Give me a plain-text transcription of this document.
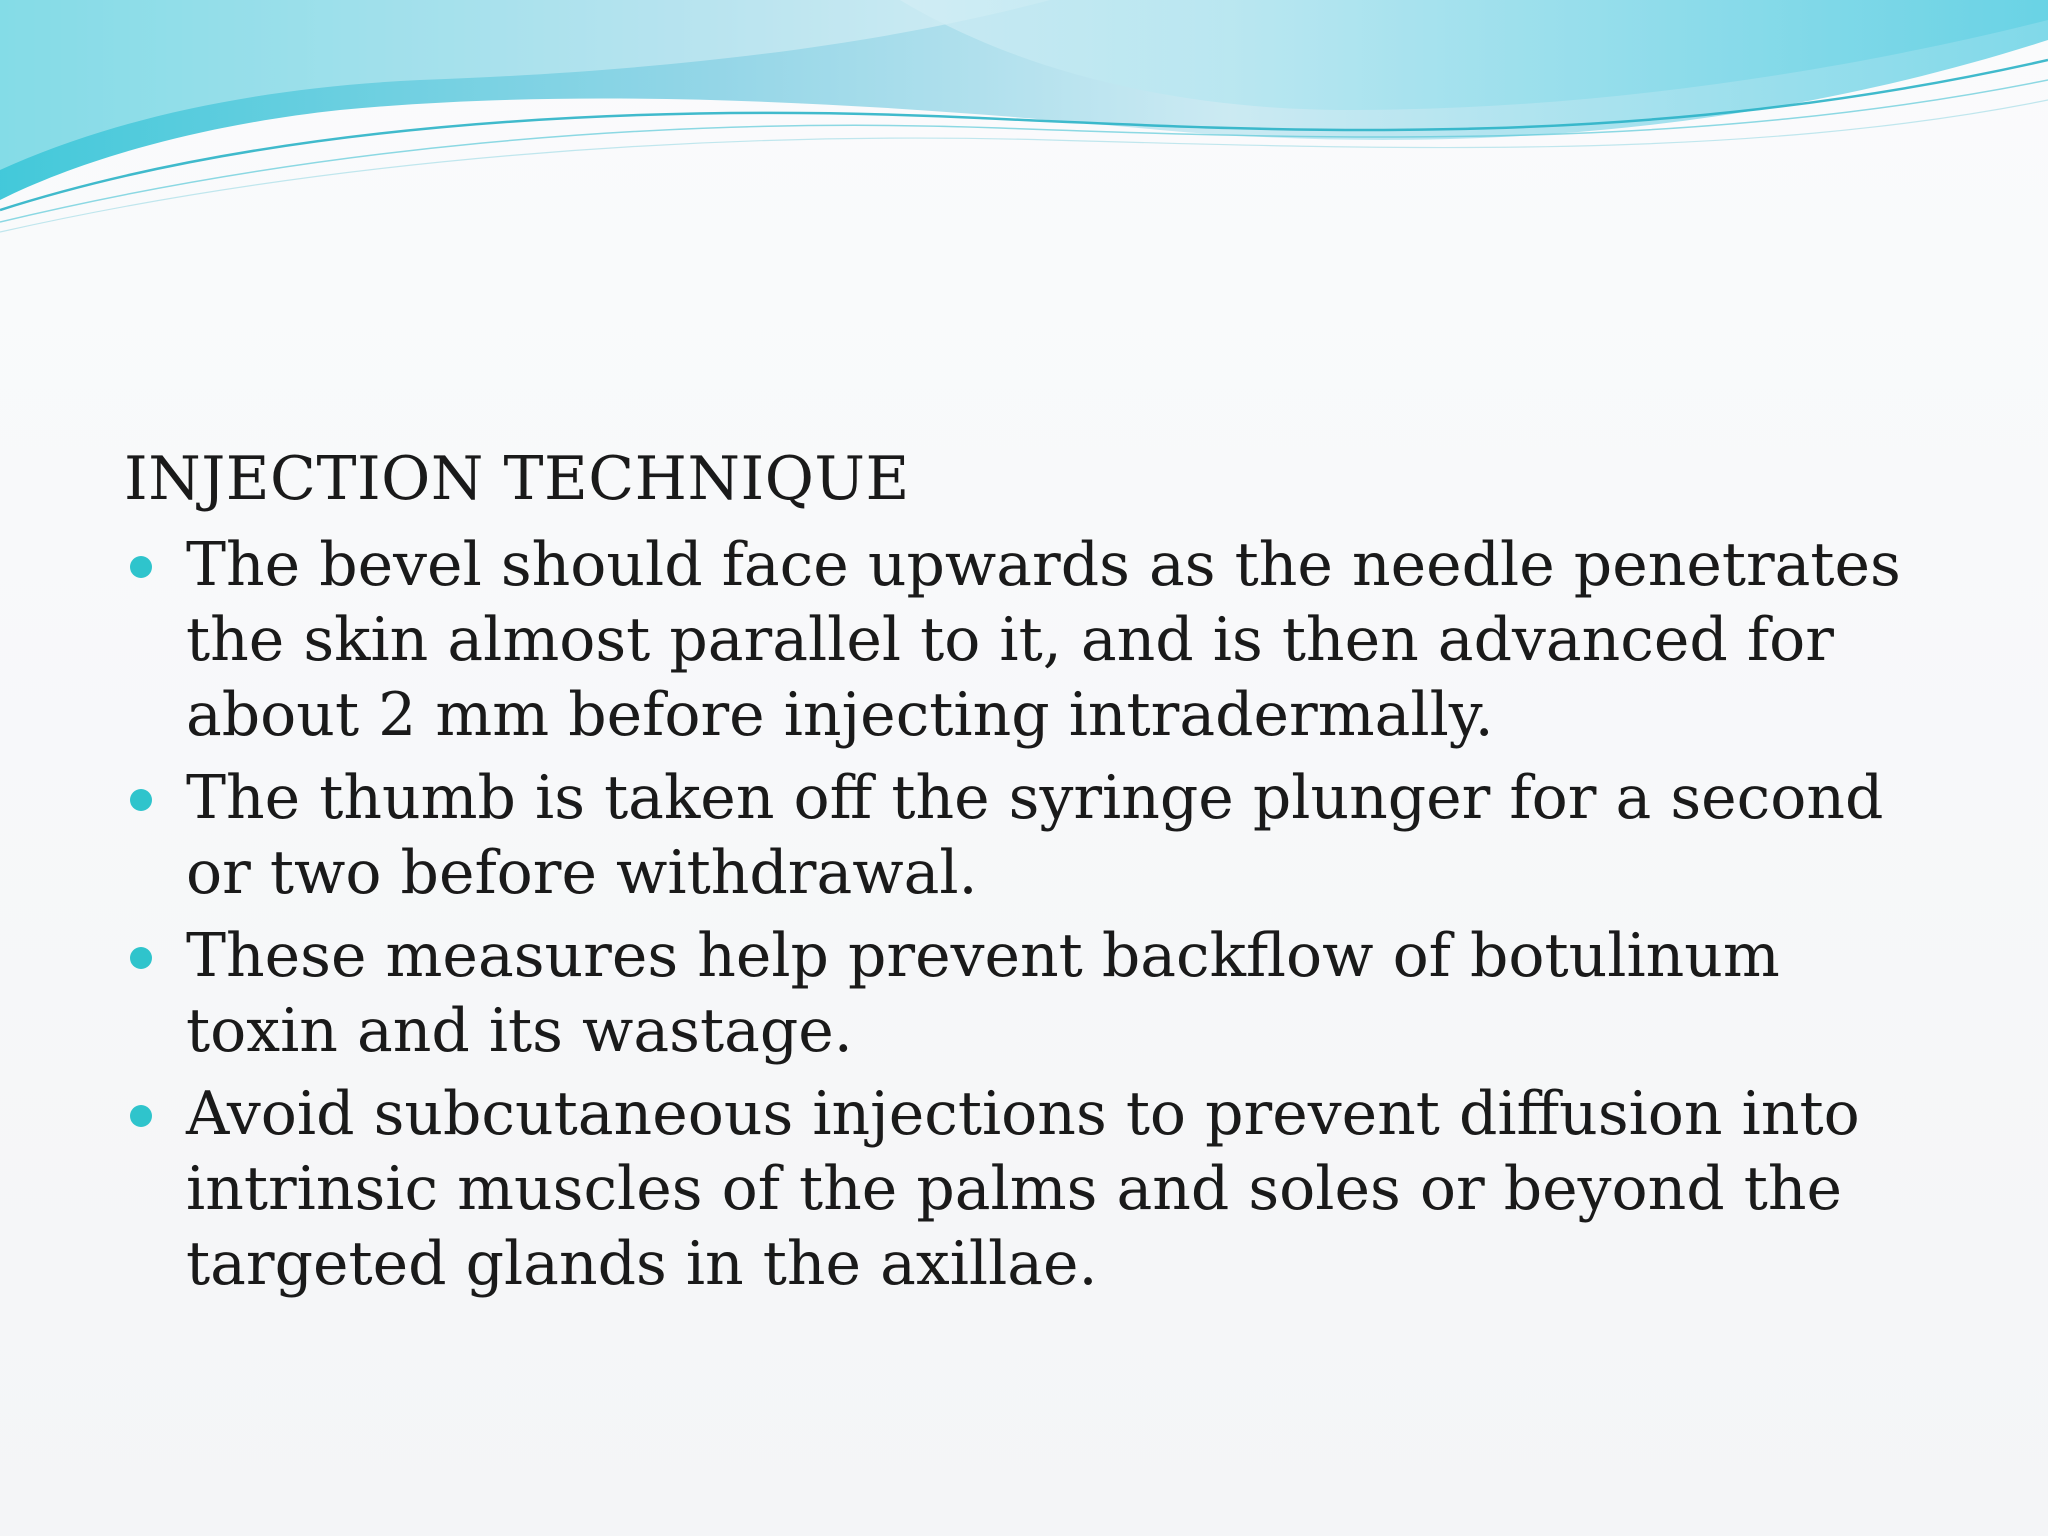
INJECTION TECHNIQUE
The bevel should face upwards as the needle penetrates the skin almost parallel to it, and is then advanced for about 2 mm before injecting intradermally.
The thumb is taken off the syringe plunger for a second or two before withdrawal.
These measures help prevent backflow of botulinum toxin and its wastage.
Avoid subcutaneous injections to prevent diffusion into intrinsic muscles of the palms and soles or beyond the targeted glands in the axillae.
